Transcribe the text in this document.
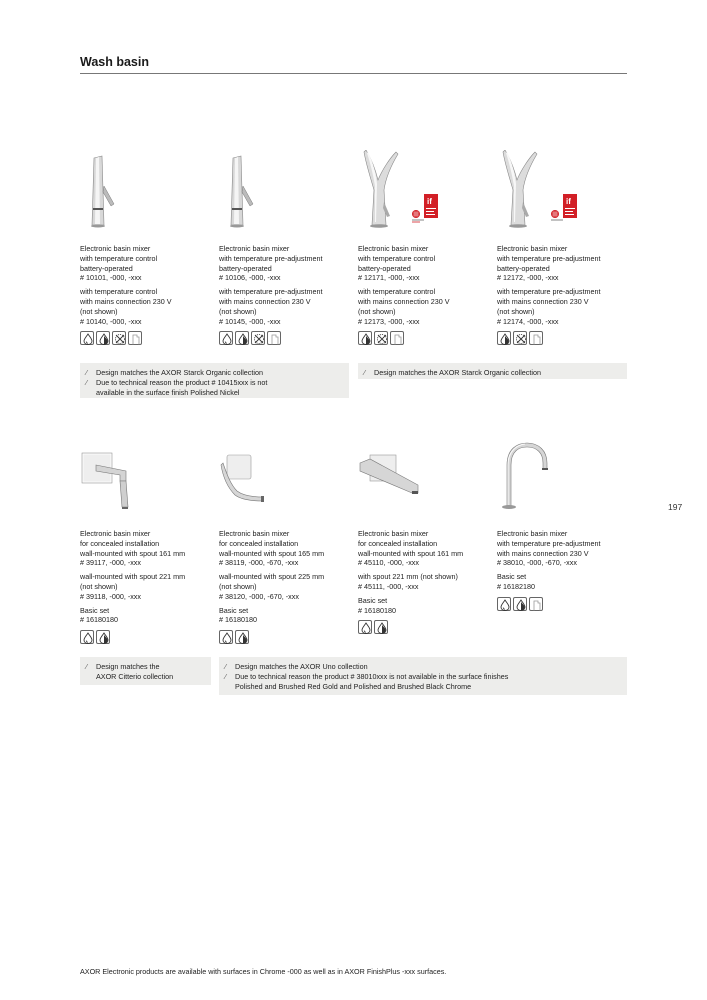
Wash basin
Electronic basin mixer
with temperature control
battery-operated
# 10101, -000, -xxx
with temperature control
with mains connection 230 V
(not shown)
# 10140, -000, -xxx
Electronic basin mixer
with temperature pre-adjustment
battery-operated
# 10106, -000, -xxx
with temperature pre-adjustment
with mains connection 230 V
(not shown)
# 10145, -000, -xxx
if
Electronic basin mixer
with temperature control
battery-operated
# 12171, -000, -xxx
with temperature control
with mains connection 230 V
(not shown)
# 12173, -000, -xxx
if
Electronic basin mixer
with temperature pre-adjustment
battery-operated
# 12172, -000, -xxx
with temperature pre-adjustment
with mains connection 230 V
(not shown)
# 12174, -000, -xxx
Design matches the AXOR Starck Organic collection
⁄
Due to technical reason the product # 10415xxx is not
⁄
available in the surface finish Polished Nickel
Design matches the AXOR Starck Organic collection
⁄
Electronic basin mixer
for concealed installation
wall-mounted with spout 161 mm
# 39117, -000, -xxx
wall-mounted with spout 221 mm
(not shown)
# 39118, -000, -xxx
Basic set
# 16180180
Electronic basin mixer
for concealed installation
wall-mounted with spout 165 mm
# 38119, -000, -670, -xxx
wall-mounted with spout 225 mm
(not shown)
# 38120, -000, -670, -xxx
Basic set
# 16180180
Electronic basin mixer
for concealed installation
wall-mounted with spout 161 mm
# 45110, -000, -xxx
with spout 221 mm (not shown)
# 45111, -000, -xxx
Basic set
# 16180180
Electronic basin mixer
with temperature pre-adjustment
with mains connection 230 V
# 38010, -000, -670, -xxx
Basic set
# 16182180
Design matches the
⁄
AXOR Citterio collection
Design matches the AXOR Uno collection
⁄
Due to technical reason the product # 38010xxx is not available in the surface finishes
⁄
Polished and Brushed Red Gold and Polished and Brushed Black Chrome
197
AXOR Electronic products are available with surfaces in Chrome -000 as well as in AXOR FinishPlus -xxx surfaces.
